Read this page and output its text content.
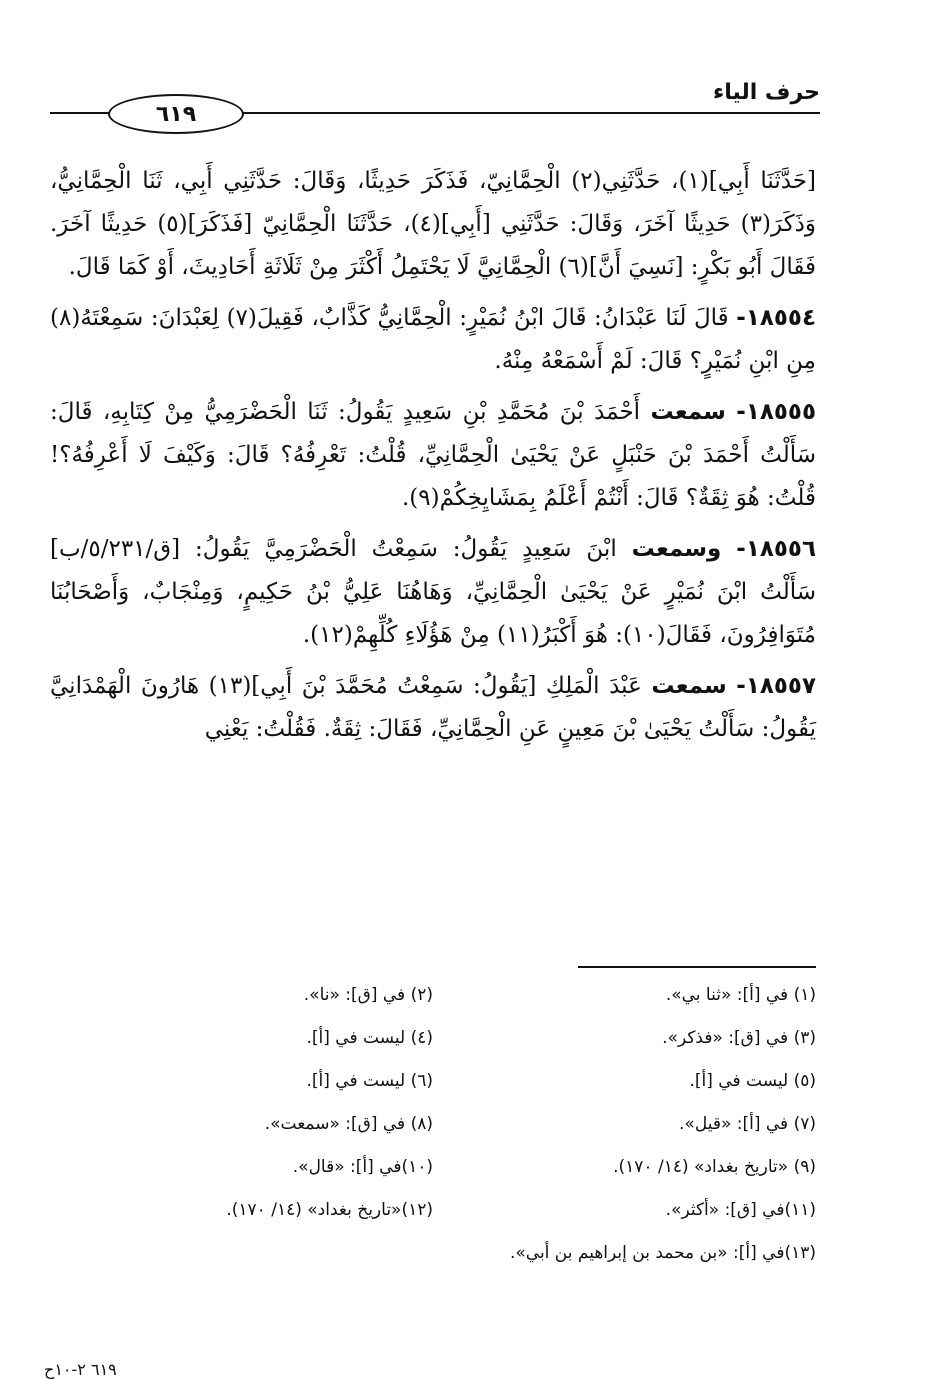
حرف الياء
٦١٩

[حَدَّثَنَا أَبِي](١)، حَدَّثَنِي(٢) الْحِمَّانِيّ، فَذَكَرَ حَدِيثًا، وَقَالَ: حَدَّثَنِي أَبِي، ثَنَا الْحِمَّانِيُّ، وَذَكَرَ(٣) حَدِيثًا آخَرَ، وَقَالَ: حَدَّثَنِي [أَبِي](٤)، حَدَّثَنَا الْحِمَّانِيّ [فَذَكَرَ](٥) حَدِيثًا آخَرَ. فَقَالَ أَبُو بَكْرٍ: [نَسِيَ أَنَّ](٦) الْحِمَّانِيَّ لَا يَحْتَمِلُ أَكْثَرَ مِنْ ثَلَاثَةِ أَحَادِيثَ، أَوْ كَمَا قَالَ.

١٨٥٥٤- قَالَ لَنَا عَبْدَانُ: قَالَ ابْنُ نُمَيْرٍ: الْحِمَّانِيُّ كَذَّابٌ، فَقِيلَ(٧) لِعَبْدَانَ: سَمِعْتَهُ(٨) مِنِ ابْنِ نُمَيْرٍ؟ قَالَ: لَمْ أَسْمَعْهُ مِنْهُ.

١٨٥٥٥- سمعت أَحْمَدَ بْنَ مُحَمَّدِ بْنِ سَعِيدٍ يَقُولُ: ثَنَا الْحَضْرَمِيُّ مِنْ كِتَابِهِ، قَالَ: سَأَلْتُ أَحْمَدَ بْنَ حَنْبَلٍ عَنْ يَحْيَىٰ الْحِمَّانِيِّ، قُلْتُ: تَعْرِفُهُ؟ قَالَ: وَكَيْفَ لَا أَعْرِفُهُ؟! قُلْتُ: هُوَ ثِقَةٌ؟ قَالَ: أَنْتُمْ أَعْلَمُ بِمَشَايِخِكُمْ(٩).

١٨٥٥٦- وسمعت ابْنَ سَعِيدٍ يَقُولُ: سَمِعْتُ الْحَضْرَمِيَّ يَقُولُ: [ق/٥/٢٣١/ب] سَأَلْتُ ابْنَ نُمَيْرٍ عَنْ يَحْيَىٰ الْحِمَّانِيِّ، وَهَاهُنَا عَلِيُّ بْنُ حَكِيمٍ، وَمِنْجَابٌ، وَأَصْحَابُنَا مُتَوَافِرُونَ، فَقَالَ(١٠): هُوَ أَكْبَرُ(١١) مِنْ هَؤُلَاءِ كُلِّهِمْ(١٢).

١٨٥٥٧- سمعت عَبْدَ الْمَلِكِ [يَقُولُ: سَمِعْتُ مُحَمَّدَ بْنَ أَبِي](١٣) هَارُونَ الْهَمْدَانِيَّ يَقُولُ: سَأَلْتُ يَحْيَىٰ بْنَ مَعِينٍ عَنِ الْحِمَّانِيِّ، فَقَالَ: ثِقَةٌ. فَقُلْتُ: يَعْنِي

(١) في [أ]: «ثنا بي».
(٢) في [ق]: «نا».
(٣) في [ق]: «فذكر».
(٤) ليست في [أ].
(٥) ليست في [أ].
(٦) ليست في [أ].
(٧) في [أ]: «قيل».
(٨) في [ق]: «سمعت».
(٩) «تاريخ بغداد» (١٤/ ١٧٠).
(١٠)في [أ]: «قال».
(١١)في [ق]: «أكثر».
(١٢)«تاريخ بغداد» (١٤/ ١٧٠).
(١٣)في [أ]: «بن محمد بن إبراهيم بن أبي».
٦١٩ ٢-١٠ح
